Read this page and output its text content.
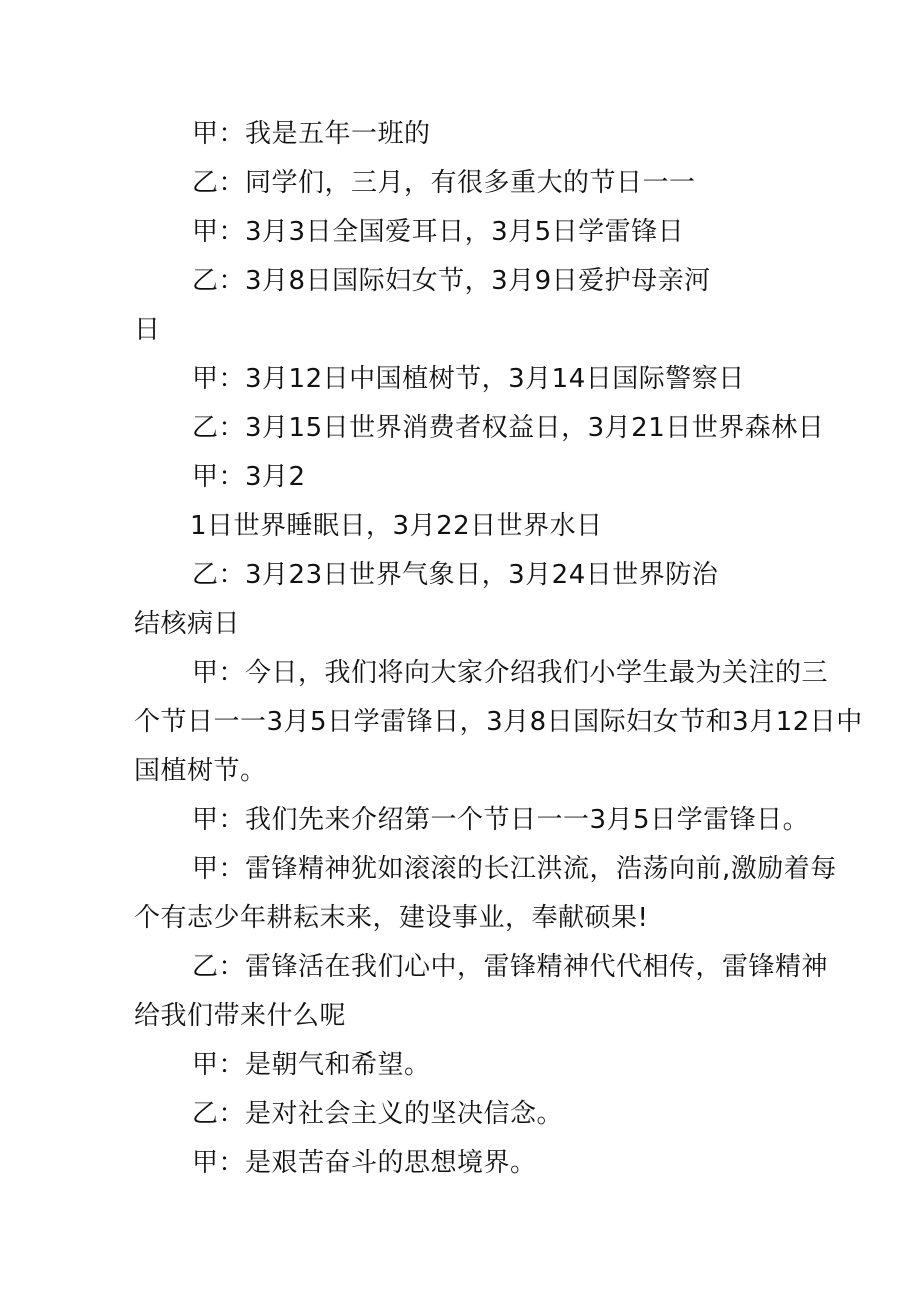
甲：我是五年一班的
乙：同学们，三月，有很多重大的节日一一
甲：3月3日全国爱耳日，3月5日学雷锋日
乙：3月8日国际妇女节，3月9日爱护母亲河
日
甲：3月12日中国植树节，3月14日国际警察日
乙：3月15日世界消费者权益日，3月21日世界森林日
甲：3月2
1日世界睡眠日，3月22日世界水日
乙：3月23日世界气象日，3月24日世界防治
结核病日
甲：今日，我们将向大家介绍我们小学生最为关注的三
个节日一一3月5日学雷锋日，3月8日国际妇女节和3月12日中
国植树节。
甲：我们先来介绍第一个节日一一3月5日学雷锋日。
甲：雷锋精神犹如滚滚的长江洪流，浩荡向前,激励着每
个有志少年耕耘末来，建设事业，奉献硕果!
乙：雷锋活在我们心中，雷锋精神代代相传，雷锋精神
给我们带来什么呢
甲：是朝气和希望。
乙：是对社会主义的坚决信念。
甲：是艰苦奋斗的思想境界。
